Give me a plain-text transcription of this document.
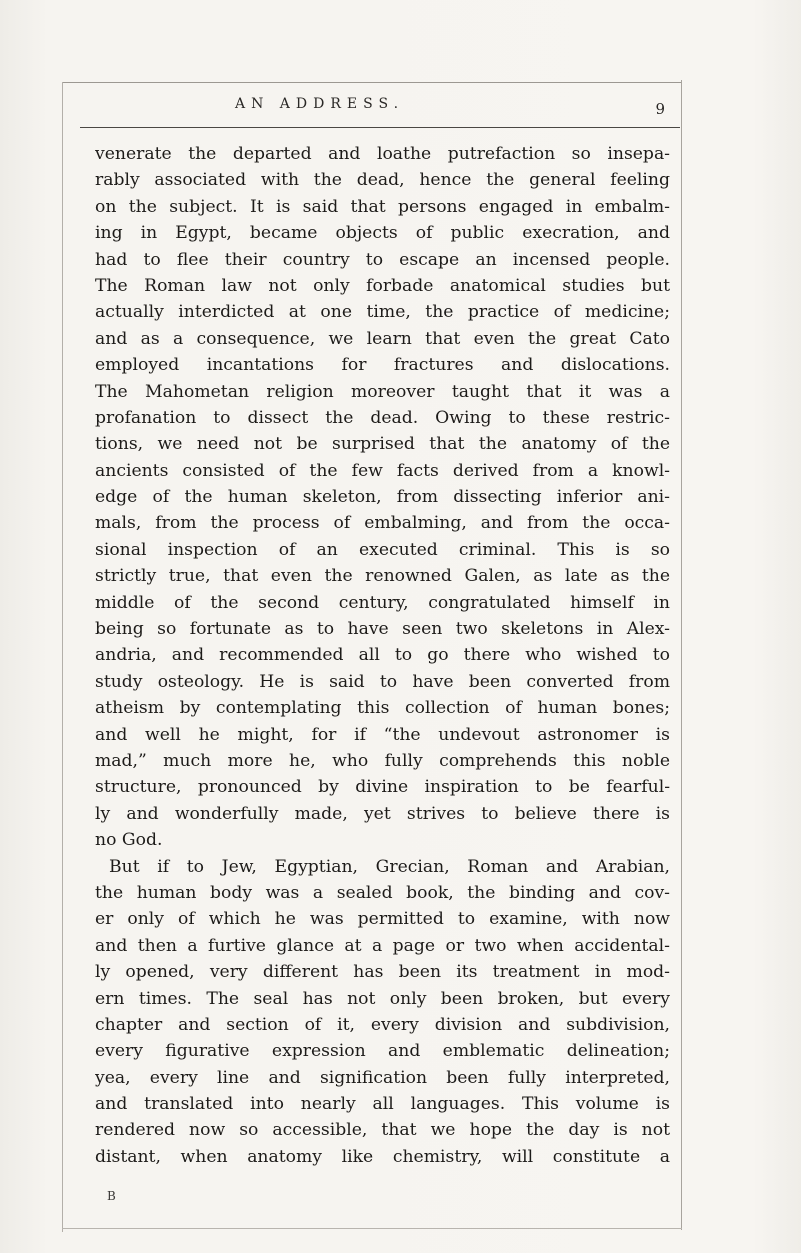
AN ADDRESS.	9
venerate the departed and loathe putrefaction so insepa-
rably associated with the dead, hence the general feeling
on the subject. It is said that persons engaged in embalm-
ing in Egypt, became objects of public execration, and
had to flee their country to escape an incensed people.
The Roman law not only forbade anatomical studies but
actually interdicted at one time, the practice of medicine;
and as a consequence, we learn that even the great Cato
employed incantations for fractures and dislocations.
The Mahometan religion moreover taught that it was a
profanation to dissect the dead. Owing to these restric-
tions, we need not be surprised that the anatomy of the
ancients consisted of the few facts derived from a knowl-
edge of the human skeleton, from dissecting inferior ani-
mals, from the process of embalming, and from the occa-
sional inspection of an executed criminal. This is so
strictly true, that even the renowned Galen, as late as the
middle of the second century, congratulated himself in
being so fortunate as to have seen two skeletons in Alex-
andria, and recommended all to go there who wished to
study osteology. He is said to have been converted from
atheism by contemplating this collection of human bones;
and well he might, for if “the undevout astronomer is
mad,” much more he, who fully comprehends this noble
structure, pronounced by divine inspiration to be fearful-
ly and wonderfully made, yet strives to believe there is
no God.
But if to Jew, Egyptian, Grecian, Roman and Arabian,
the human body was a sealed book, the binding and cov-
er only of which he was permitted to examine, with now
and then a furtive glance at a page or two when accidental-
ly opened, very different has been its treatment in mod-
ern times. The seal has not only been broken, but every
chapter and section of it, every division and subdivision,
every figurative expression and emblematic delineation;
yea, every line and signification been fully interpreted,
and translated into nearly all languages. This volume is
rendered now so accessible, that we hope the day is not
distant, when anatomy like chemistry, will constitute a
B
